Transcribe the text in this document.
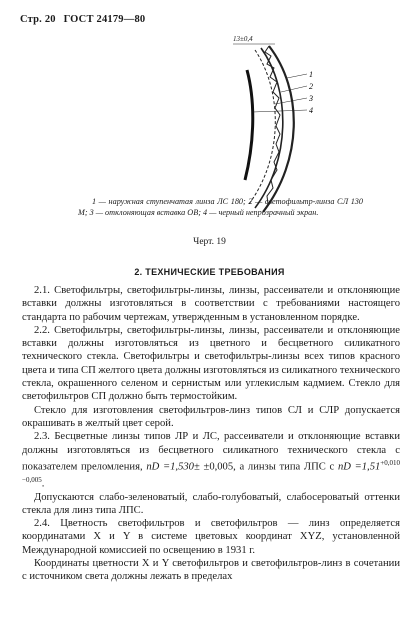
Стр. 20 ГОСТ 24179—80
13±0,4
1
2
3
4

1 — наружная ступенчатая линза ЛС 180; 2 — светофильтр-линза СЛ 130 М; 3 — отклоняющая вставка ОВ; 4 — черный непрозрачный экран.

Черт. 19
2. ТЕХНИЧЕСКИЕ ТРЕБОВАНИЯ

2.1. Светофильтры, светофильтры-линзы, линзы, рассеиватели и отклоняющие вставки должны изготовляться в соответствии с требованиями настоящего стандарта по рабочим чертежам, утвержденным в установленном порядке.

2.2. Светофильтры, светофильтры-линзы, линзы, рассеиватели и отклоняющие вставки должны изготовляться из цветного и бесцветного силикатного технического стекла. Светофильтры и светофильтры-линзы всех типов красного цвета и типа СП желтого цвета должны изготовляться из силикатного технического стекла, окрашенного селеном и сернистым или углекислым кадмием. Стекло для светофильтров СП должно быть термостойким.

Стекло для изготовления светофильтров-линз типов СЛ и СЛР допускается окрашивать в желтый цвет серой.

2.3. Бесцветные линзы типов ЛР и ЛС, рассеиватели и отклоняющие вставки должны изготовляться из бесцветного силикатного технического стекла с показателем преломления, nD =1,530± ±0,005, а линзы типа ЛПС с nD $=1,51^{+0,010 -0,005}$.

Допускаются слабо-зеленоватый, слабо-голубоватый, слабосероватый оттенки стекла для линз типа ЛПС.

2.4. Цветность светофильтров и светофильтров — линз определяется координатами X и Y в системе цветовых координат XYZ, установленной Международной комиссией по освещению в 1931 г.

Координаты цветности X и Y светофильтров и светофильтров-линз в сочетании с источником света должны лежать в пределах
